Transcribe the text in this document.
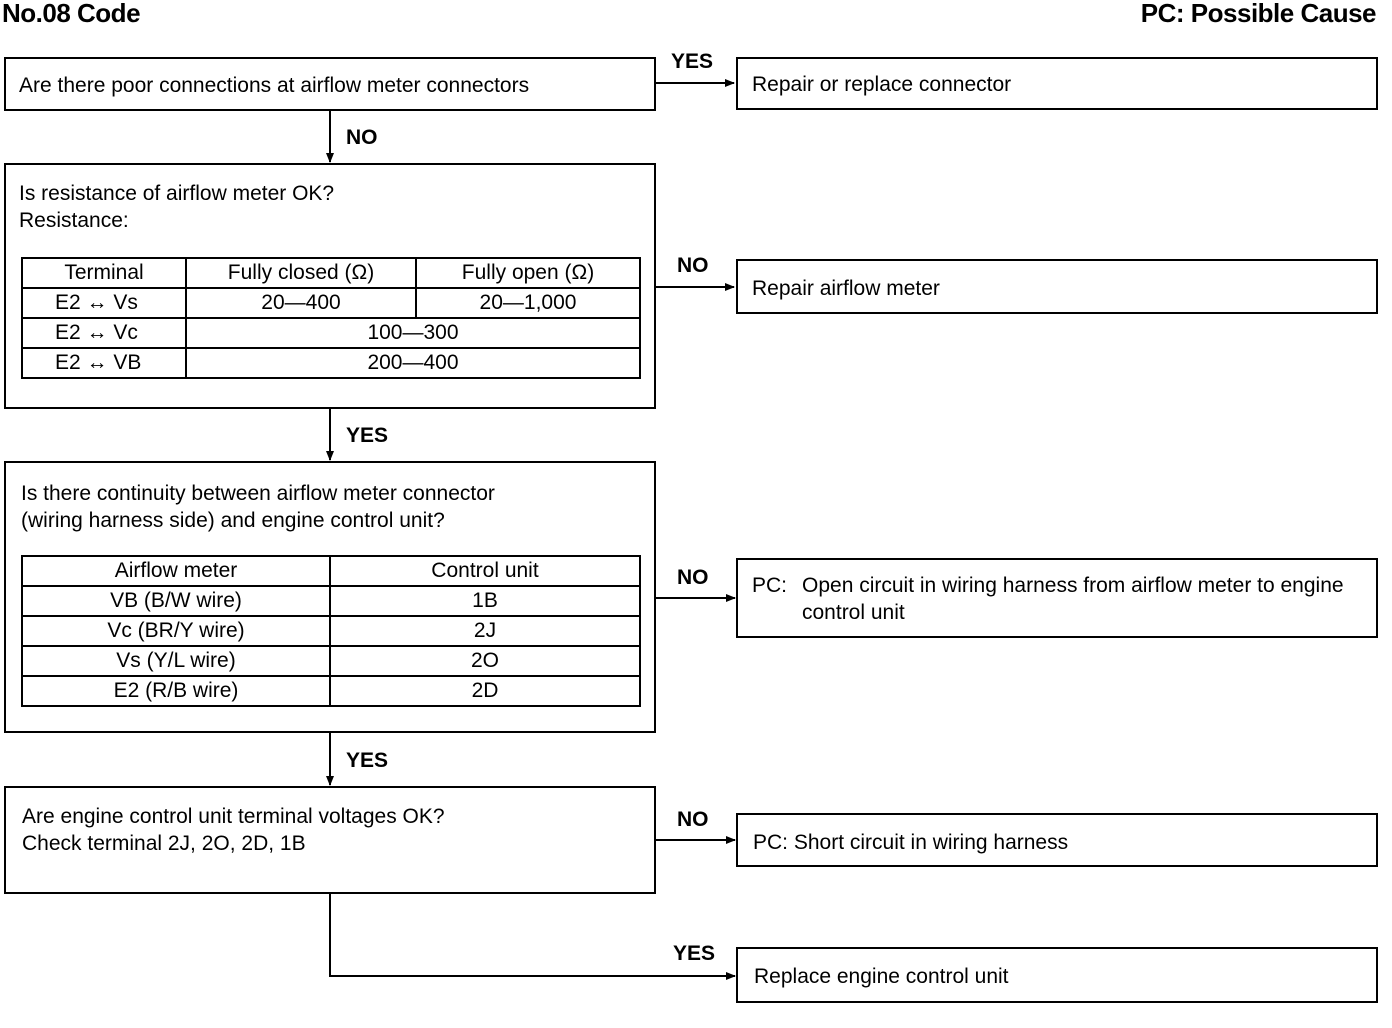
No.08 Code	PC: Possible Cause
Are there poor connections at airflow meter connectors
YES
Repair or replace connector
NO
Is resistance of airflow meter OK?
Resistance:
Terminal	Fully closed (Ω)	Fully open (Ω)
E2 ↔ Vs	20—400	20—1,000
E2 ↔ Vc	100—300	
E2 ↔ VB	200—400	
NO
Repair airflow meter
YES
Is there continuity between airflow meter connector
(wiring harness side) and engine control unit?
Airflow meter	Control unit
VB (B/W wire)	1B
Vc (BR/Y wire)	2J
Vs (Y/L wire)	2O
E2 (R/B wire)	2D
NO PC: Open circuit in wiring harness from airflow meter to engine control unit
YES
Are engine control unit terminal voltages OK?
Check terminal 2J, 2O, 2D, 1B
NO
PC: Short circuit in wiring harness
YES
Replace engine control unit
